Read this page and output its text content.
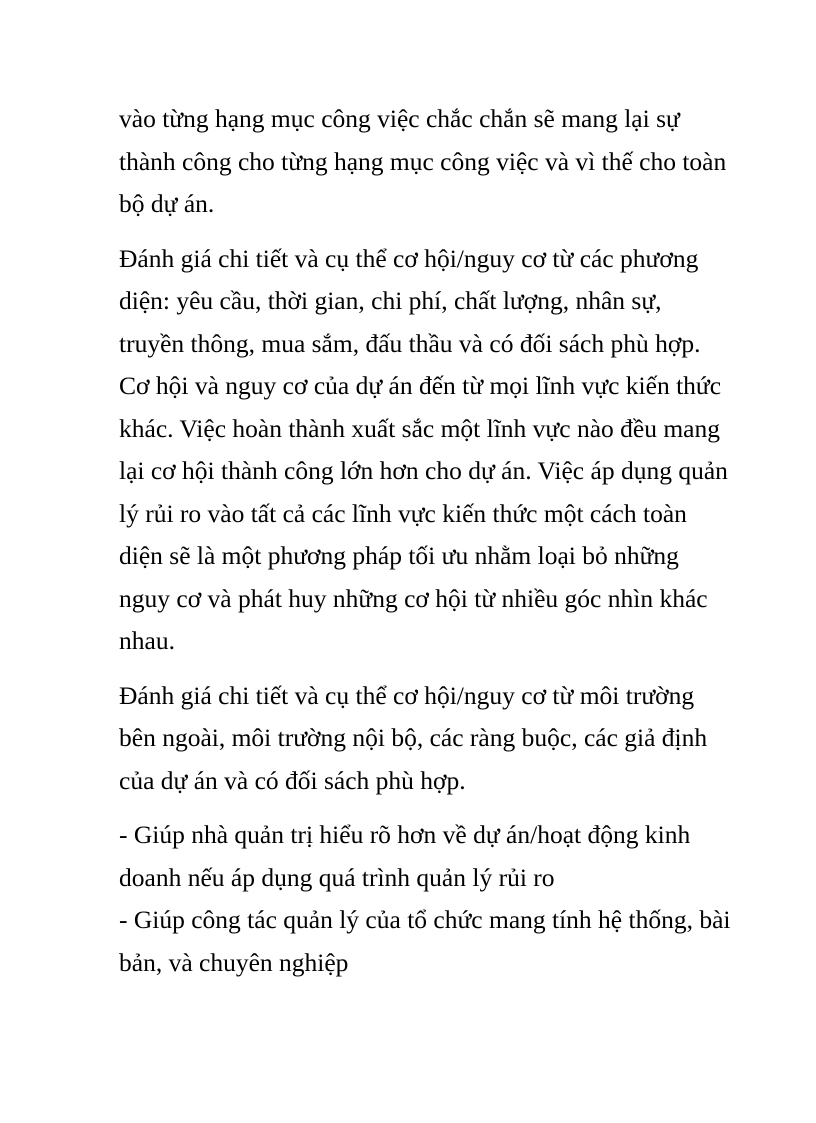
vào từng hạng mục công việc chắc chắn sẽ mang lại sự
thành công cho từng hạng mục công việc và vì thế cho toàn
bộ dự án.
Đánh giá chi tiết và cụ thể cơ hội/nguy cơ từ các phương
diện: yêu cầu, thời gian, chi phí, chất lượng, nhân sự,
truyền thông, mua sắm, đấu thầu và có đối sách phù hợp.
Cơ hội và nguy cơ của dự án đến từ mọi lĩnh vực kiến thức
khác. Việc hoàn thành xuất sắc một lĩnh vực nào đều mang
lại cơ hội thành công lớn hơn cho dự án. Việc áp dụng quản
lý rủi ro vào tất cả các lĩnh vực kiến thức một cách toàn
diện sẽ là một phương pháp tối ưu nhằm loại bỏ những
nguy cơ và phát huy những cơ hội từ nhiều góc nhìn khác
nhau.
Đánh giá chi tiết và cụ thể cơ hội/nguy cơ từ môi trường
bên ngoài, môi trường nội bộ, các ràng buộc, các giả định
của dự án và có đối sách phù hợp.
- Giúp nhà quản trị hiểu rõ hơn về dự án/hoạt động kinh
doanh nếu áp dụng quá trình quản lý rủi ro
- Giúp công tác quản lý của tổ chức mang tính hệ thống, bài
bản, và chuyên nghiệp
